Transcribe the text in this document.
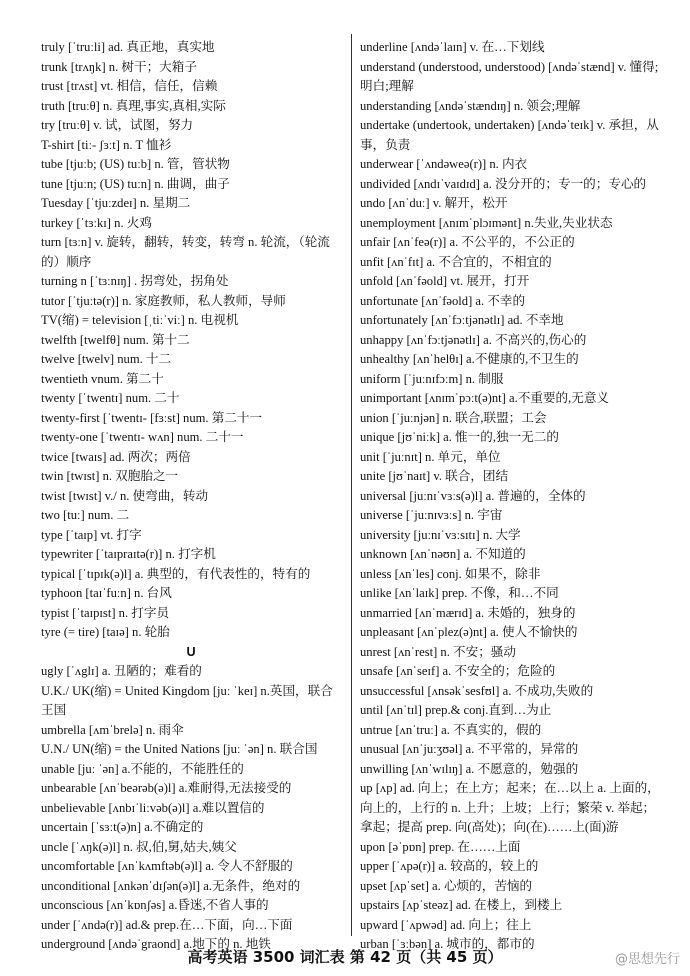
truly [ˈtruːli] ad. 真正地，真实地
trunk [trʌŋk] n. 树干；大箱子
trust [trʌst] vt. 相信，信任，信赖
truth [truːθ] n. 真理,事实,真相,实际
try [truːθ] v. 试，试图，努力
T-shirt [tiː- ʃɜːt] n. T 恤衫
tube [tjuːb; (US) tuːb] n. 管，管状物
tune [tjuːn; (US) tuːn] n. 曲调，曲子
Tuesday [ˈtjuːzdeɪ] n. 星期二
turkey [ˈtɜːkɪ] n. 火鸡
turn [tɜːn] v. 旋转，翻转，转变，转弯 n. 轮流，（轮流的）顺序
turning n [ˈtɜːnɪŋ] . 拐弯处，拐角处
tutor [ˈtjuːtə(r)] n. 家庭教师，私人教师，导师
TV(缩) = television [ˌtiːˈviː] n. 电视机
twelfth [twelfθ] num. 第十二
twelve [twelv] num. 十二
twentieth vnum. 第二十
twenty [ˈtwentɪ] num. 二十
twenty-first [ˈtwentɪ- [fɜːst] num. 第二十一
twenty-one [ˈtwentɪ- wʌn] num. 二十一
twice [twaɪs] ad. 两次；两倍
twin [twɪst] n. 双胞胎之一
twist [twɪst] v./ n. 使弯曲，转动
two [tuː] num. 二
type [ˈtaɪp] vt. 打字
typewriter [ˈtaɪpraɪtə(r)] n. 打字机
typical [ˈtɪpɪk(ə)l] a. 典型的，有代表性的，特有的
typhoon [taɪˈfuːn] n. 台风
typist [ˈtaɪpɪst] n. 打字员
tyre (= tire) [taɪə] n. 轮胎
U
ugly [ˈʌglɪ] a. 丑陋的；难看的
U.K./ UK(缩) = United Kingdom [juː ˈkeɪ] n.英国，联合王国
umbrella [ʌmˈbrelə] n. 雨伞
U.N./ UN(缩) = the United Nations [juː ˈən] n. 联合国
unable [juː ˈən] a.不能的，不能胜任的
unbearable [ʌnˈbeərəb(ə)l] a.难耐得,无法接受的
unbelievable [ʌnbɪˈliːvəb(ə)l] a.难以置信的
uncertain [ˈsɜːt(ə)n] a.不确定的
uncle [ˈʌŋk(ə)l] n. 叔,伯,舅,姑夫,姨父
uncomfortable [ʌnˈkʌmftəb(ə)l] a. 令人不舒服的
unconditional [ʌnkənˈdɪʃən(ə)l] a.无条件，绝对的
unconscious [ʌnˈkɒnʃəs] a.昏迷,不省人事的
under [ˈʌndə(r)] ad.& prep.在…下面，向…下面
underground [ʌndəˈgraond] a.地下的 n. 地铁
underline [ʌndəˈlaɪn] v. 在…下划线
understand (understood, understood) [ʌndəˈstænd] v. 懂得;明白;理解
understanding [ʌndəˈstændɪŋ] n. 领会;理解
undertake (undertook, undertaken) [ʌndəˈteɪk] v. 承担，从事，负责
underwear [ˈʌndəweə(r)] n. 内衣
undivided [ʌndɪˈvaɪdɪd] a. 没分开的；专一的；专心的
undo [ʌnˈduː] v. 解开，松开
unemployment [ʌnɪmˈplɔɪmənt] n.失业,失业状态
unfair [ʌnˈfeə(r)] a. 不公平的，不公正的
unfit [ʌnˈfɪt] a. 不合宜的，不相宜的
unfold [ʌnˈfəold] vt. 展开，打开
unfortunate [ʌnˈfəold] a. 不幸的
unfortunately [ʌnˈfɔːtjənətlɪ] ad. 不幸地
unhappy [ʌnˈfɔːtjənətlɪ] a. 不高兴的,伤心的
unhealthy [ʌnˈhelθɪ] a.不健康的,不卫生的
uniform [ˈjuːnɪfɔːm] n. 制服
unimportant [ʌnɪmˈpɔːt(ə)nt] a.不重要的,无意义
union [ˈjuːnjən] n. 联合,联盟；工会
unique [jʊˈniːk] a. 惟一的,独一无二的
unit [ˈjuːnɪt] n. 单元，单位
unite [jʊˈnaɪt] v. 联合，团结
universal [juːnɪˈvɜːs(ə)l] a. 普遍的，全体的
universe [ˈjuːnɪvɜːs] n. 宇宙
university [juːnɪˈvɜːsɪtɪ] n. 大学
unknown [ʌnˈnəʊn] a. 不知道的
unless [ʌnˈles] conj. 如果不，除非
unlike [ʌnˈlaɪk] prep. 不像，和…不同
unmarried [ʌnˈmærɪd] a. 未婚的，独身的
unpleasant [ʌnˈplez(ə)nt] a. 使人不愉快的
unrest [ʌnˈrest] n. 不安；骚动
unsafe [ʌnˈseɪf] a. 不安全的；危险的
unsuccessful [ʌnsəkˈsesfʊl] a. 不成功,失败的
until [ʌnˈtɪl] prep.& conj.直到…为止
untrue [ʌnˈtruː] a. 不真实的，假的
unusual [ʌnˈjuːʒʊəl] a. 不平常的，异常的
unwilling [ʌnˈwɪlɪŋ] a. 不愿意的，勉强的
up [ʌp] ad. 向上；在上方；起来；在…以上 a. 上面的，向上的，上行的 n. 上升；上坡；上行；繁荣 v. 举起；拿起；提高 prep. 向(高处)；向(在)……上(面)游
upon [əˈpɒn] prep. 在……上面
upper [ˈʌpə(r)] a. 较高的，较上的
upset [ʌpˈset] a. 心烦的，苦恼的
upstairs [ʌpˈsteəz] ad. 在楼上，到楼上
upward [ˈʌpwəd] ad. 向上；往上
urban [ˈɜːbən] a. 城市的，都市的
高考英语 3500 词汇表 第 42 页（共 45 页）	@思想先行
